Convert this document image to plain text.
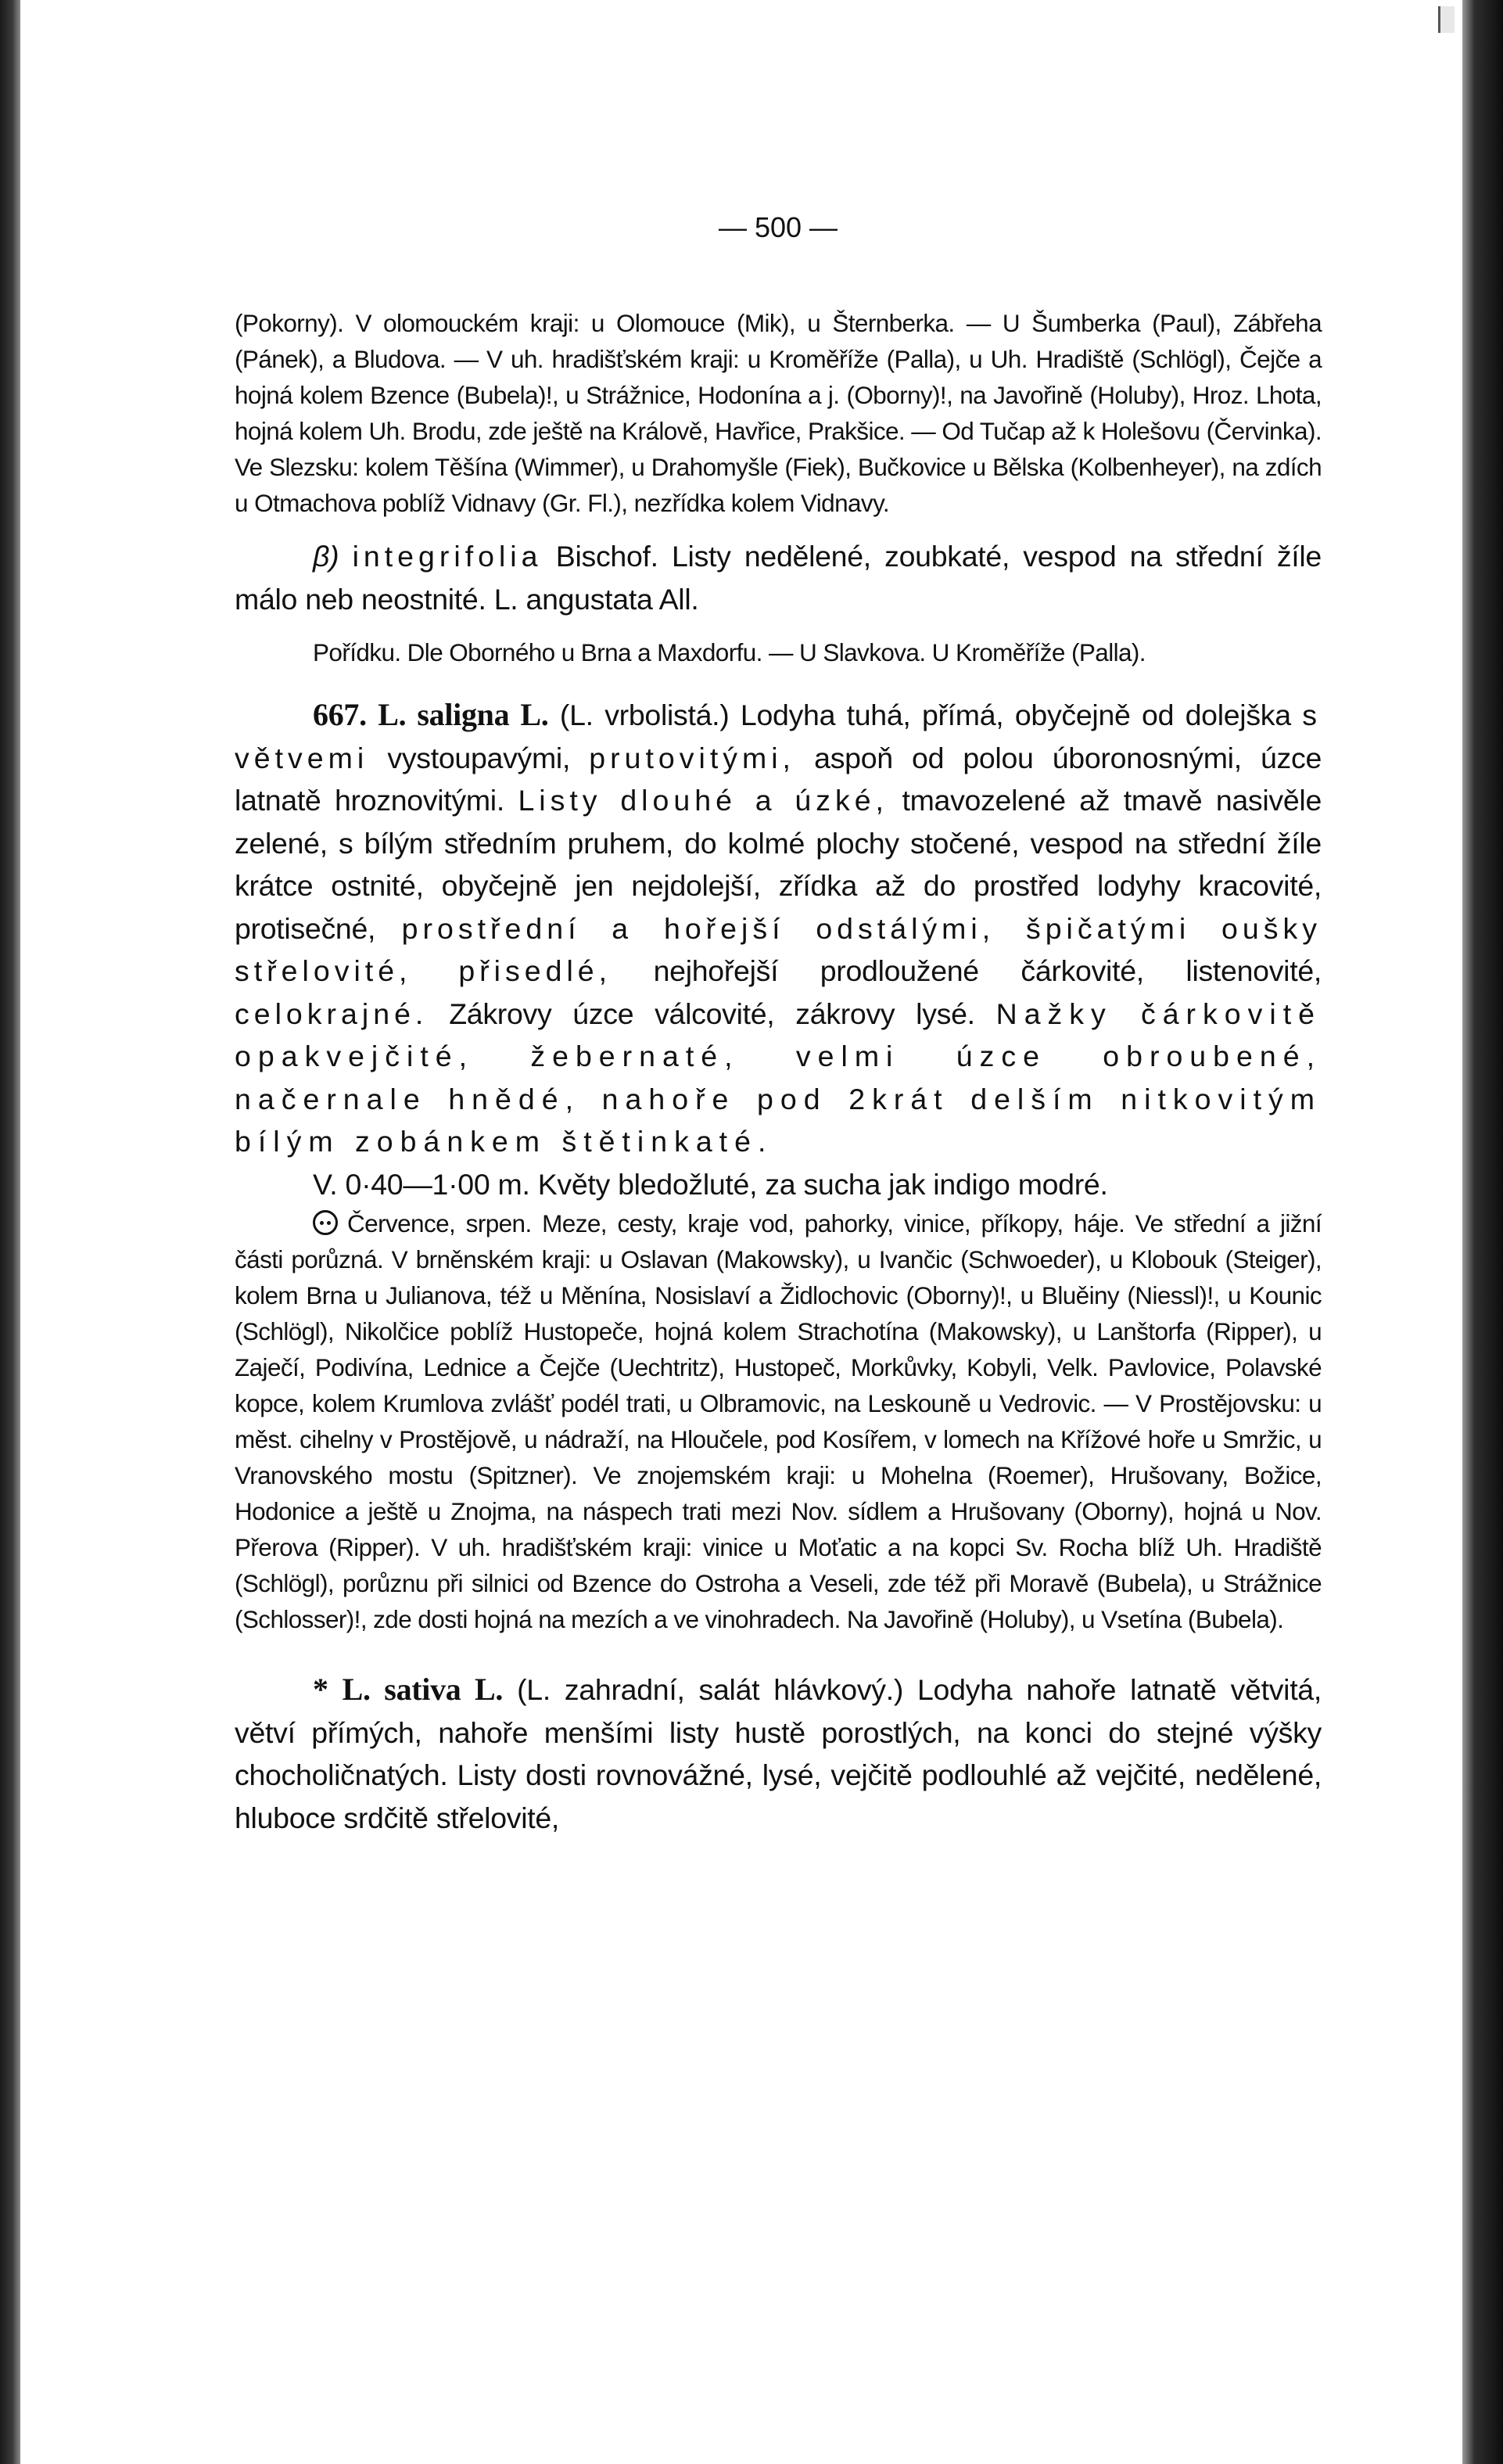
— 500 —

(Pokorny). V olomouckém kraji: u Olomouce (Mik), u Šternberka. — U Šumberka (Paul), Zábřeha (Pánek), a Bludova. — V uh. hradišťském kraji: u Kroměříže (Palla), u Uh. Hradiště (Schlögl), Čejče a hojná kolem Bzence (Bubela)!, u Strážnice, Hodonína a j. (Oborny)!, na Javořině (Holuby), Hroz. Lhota, hojná kolem Uh. Brodu, zde ještě na Králově, Havřice, Prakšice. — Od Tučap až k Holešovu (Červinka). Ve Slezsku: kolem Těšína (Wimmer), u Drahomyšle (Fiek), Bučkovice u Bělska (Kolbenheyer), na zdích u Otmachova poblíž Vidnavy (Gr. Fl.), nezřídka kolem Vidnavy.

β) integrifolia Bischof. Listy nedělené, zoubkaté, vespod na střední žíle málo neb neostnité. L. angustata All.

Pořídku. Dle Oborného u Brna a Maxdorfu. — U Slavkova. U Kroměříže (Palla).

667. L. saligna L. (L. vrbolistá.) Lodyha tuhá, přímá, obyčejně od dolejška s větvemi vystoupavými, prutovitými, aspoň od polou úboronosnými, úzce latnatě hroznovitými. Listy dlouhé a úzké, tmavozelené až tmavě nasivěle zelené, s bílým středním pruhem, do kolmé plochy stočené, vespod na střední žíle krátce ostnité, obyčejně jen nejdolejší, zřídka až do prostřed lodyhy kracovité, protisečné, prostřední a hořejší odstálými, špičatými oušky střelovité, přisedlé, nejhořejší prodloužené čárkovité, listenovité, celokrajné. Zákrovy úzce válcovité, zákrovy lysé. Nažky čárkovitě opakvejčité, žebernaté, velmi úzce obroubené, načernale hnědé, nahoře pod 2krát delším nitkovitým bílým zobánkem štětinkaté.

V. 0·40—1·00 m. Květy bledožluté, za sucha jak indigo modré.

Července, srpen. Meze, cesty, kraje vod, pahorky, vinice, příkopy, háje. Ve střední a jižní části porůzná. V brněnském kraji: u Oslavan (Makowsky), u Ivančic (Schwoeder), u Klobouk (Steiger), kolem Brna u Julianova, též u Měnína, Nosislaví a Židlochovic (Oborny)!, u Bluěiny (Niessl)!, u Kounic (Schlögl), Nikolčice poblíž Hustopeče, hojná kolem Strachotína (Makowsky), u Lanštorfa (Ripper), u Zaječí, Podivína, Lednice a Čejče (Uechtritz), Hustopeč, Morkůvky, Kobyli, Velk. Pavlovice, Polavské kopce, kolem Krumlova zvlášť podél trati, u Olbramovic, na Leskouně u Vedrovic. — V Prostějovsku: u měst. cihelny v Prostějově, u nádraží, na Hloučele, pod Kosířem, v lomech na Křížové hoře u Smržic, u Vranovského mostu (Spitzner). Ve znojemském kraji: u Mohelna (Roemer), Hrušovany, Božice, Hodonice a ještě u Znojma, na náspech trati mezi Nov. sídlem a Hrušovany (Oborny), hojná u Nov. Přerova (Ripper). V uh. hradišťském kraji: vinice u Moťatic a na kopci Sv. Rocha blíž Uh. Hradiště (Schlögl), porůznu při silnici od Bzence do Ostroha a Veseli, zde též při Moravě (Bubela), u Strážnice (Schlosser)!, zde dosti hojná na mezích a ve vinohradech. Na Javořině (Holuby), u Vsetína (Bubela).

* L. sativa L. (L. zahradní, salát hlávkový.) Lodyha nahoře latnatě větvitá, větví přímých, nahoře menšími listy hustě porostlých, na konci do stejné výšky chocholičnatých. Listy dosti rovnovážné, lysé, vejčitě podlouhlé až vejčité, nedělené, hluboce srdčitě střelovité,
